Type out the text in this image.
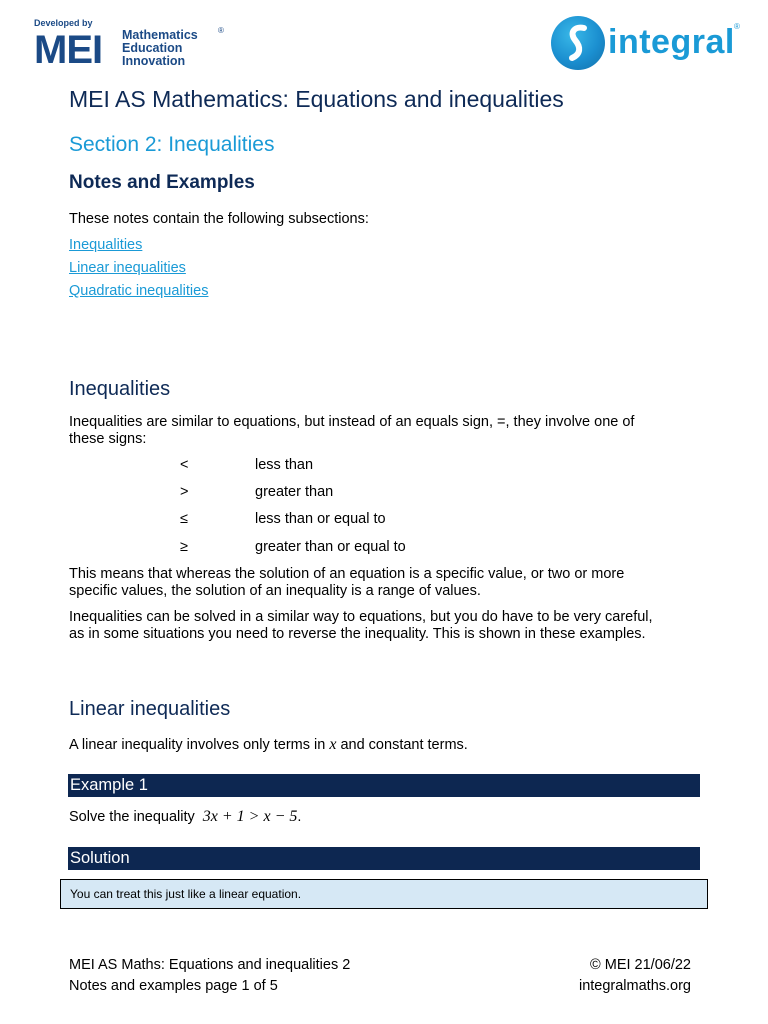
Developed by
MEI Mathematics
Education
Innovation
®	integral ®
MEI AS Mathematics: Equations and inequalities
Section 2: Inequalities
Notes and Examples
These notes contain the following subsections:
Inequalities
Linear inequalities
Quadratic inequalities
Inequalities
Inequalities are similar to equations, but instead of an equals sign, =, they involve one of
these signs:
<	less than
>	greater than
≤	less than or equal to
≥	greater than or equal to
This means that whereas the solution of an equation is a specific value, or two or more
specific values, the solution of an inequality is a range of values.
Inequalities can be solved in a similar way to equations, but you do have to be very careful,
as in some situations you need to reverse the inequality. This is shown in these examples.
Linear inequalities
A linear inequality involves only terms in x and constant terms.
Example 1
Solve the inequality 3x + 1 > x − 5.
Solution
You can treat this just like a linear equation.
MEI AS Maths: Equations and inequalities 2
Notes and examples page 1 of 5
© MEI 21/06/22
integralmaths.org
